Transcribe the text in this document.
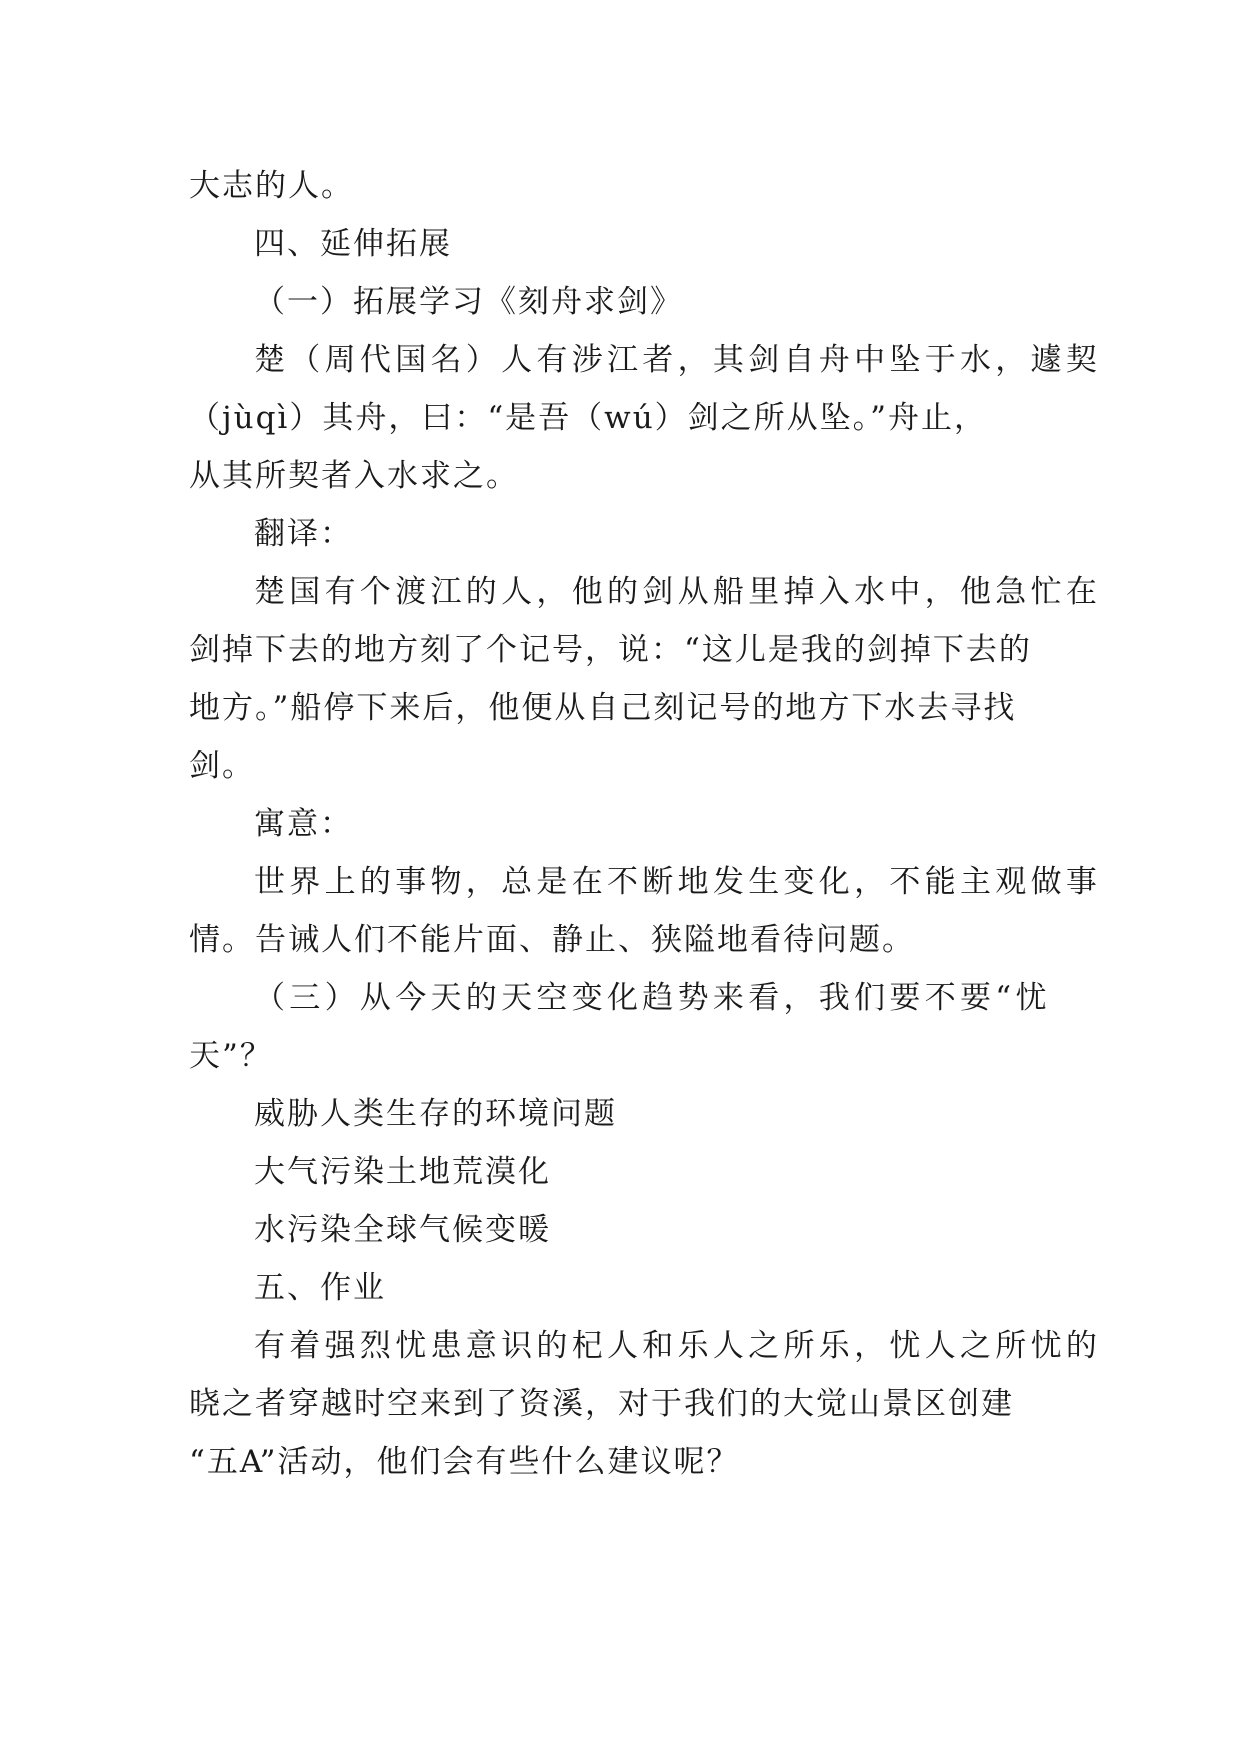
大志的人。

四、延伸拓展

（一）拓展学习《刻舟求剑》

楚（周代国名）人有涉江者，其剑自舟中坠于水，遽契

（jùqì）其舟，曰：“是吾（wú）剑之所从坠。”舟止，

从其所契者入水求之。

翻译：

楚国有个渡江的人，他的剑从船里掉入水中，他急忙在

剑掉下去的地方刻了个记号，说：“这儿是我的剑掉下去的

地方。”船停下来后，他便从自己刻记号的地方下水去寻找

剑。

寓意：

世界上的事物，总是在不断地发生变化，不能主观做事

情。告诫人们不能片面、静止、狭隘地看待问题。

（三）从今天的天空变化趋势来看，我们要不要“忧

天”？

威胁人类生存的环境问题

大气污染土地荒漠化

水污染全球气候变暖

五、作业

有着强烈忧患意识的杞人和乐人之所乐，忧人之所忧的

晓之者穿越时空来到了资溪，对于我们的大觉山景区创建

“五A”活动，他们会有些什么建议呢？
